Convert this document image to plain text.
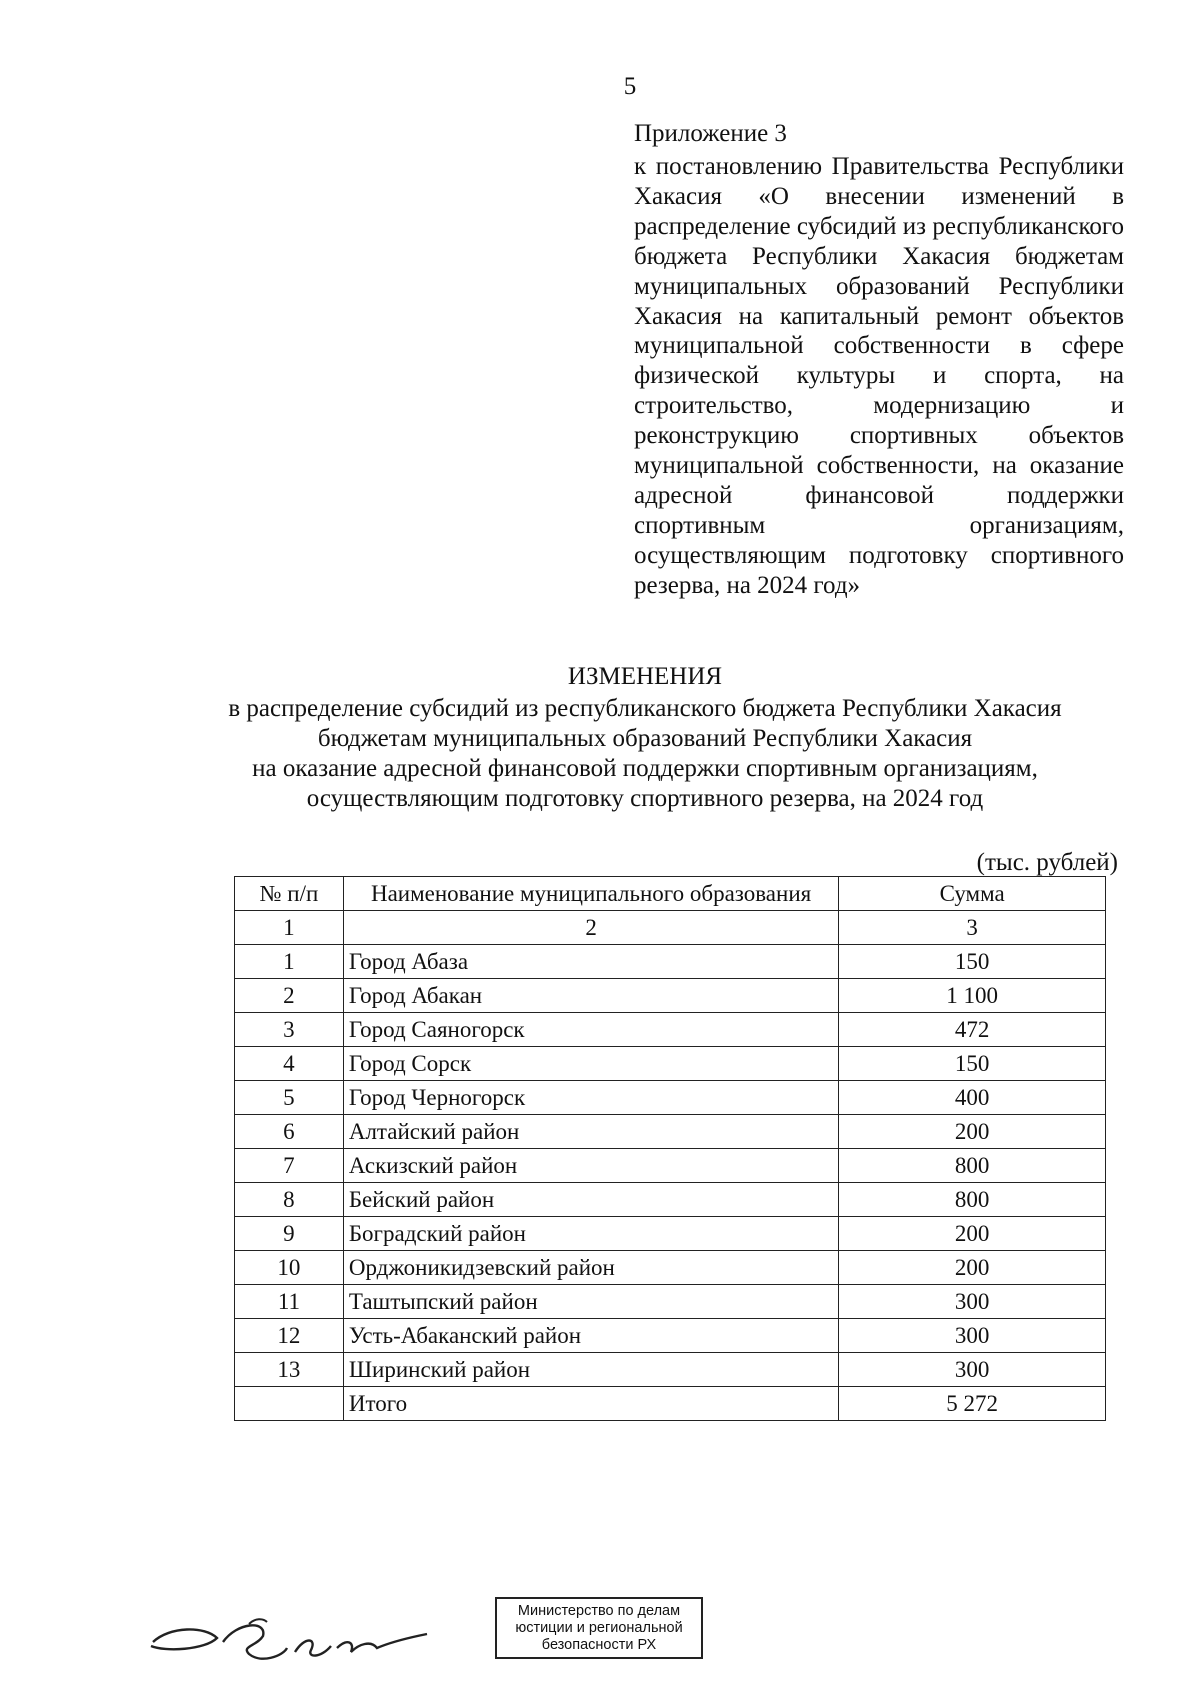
5
Приложение 3
к постановлению Правительства Республики Хакасия «О внесении изменений в распределение субсидий из республиканского бюджета Республики Хакасия бюджетам муниципальных образований Республики Хакасия на капитальный ремонт объектов муниципальной собственности в сфере физической культуры и спорта, на строительство, модернизацию и реконструкцию спортивных объектов муниципальной собственности, на оказание адресной финансовой поддержки спортивным организациям, осуществляющим подготовку спортивного резерва, на 2024 год»
ИЗМЕНЕНИЯ
в распределение субсидий из республиканского бюджета Республики Хакасия
бюджетам муниципальных образований Республики Хакасия
на оказание адресной финансовой поддержки спортивным организациям,
осуществляющим подготовку спортивного резерва, на 2024 год
(тыс. рублей)
№ п/п	Наименование муниципального образования	Сумма
1	2	3
1	Город Абаза	150
2	Город Абакан	1 100
3	Город Саяногорск	472
4	Город Сорск	150
5	Город Черногорск	400
6	Алтайский район	200
7	Аскизский район	800
8	Бейский район	800
9	Боградский район	200
10	Орджоникидзевский район	200
11	Таштыпский район	300
12	Усть-Абаканский район	300
13	Ширинский район	300
	Итого	5 272
Министерство по делам
юстиции и региональной
безопасности РХ
